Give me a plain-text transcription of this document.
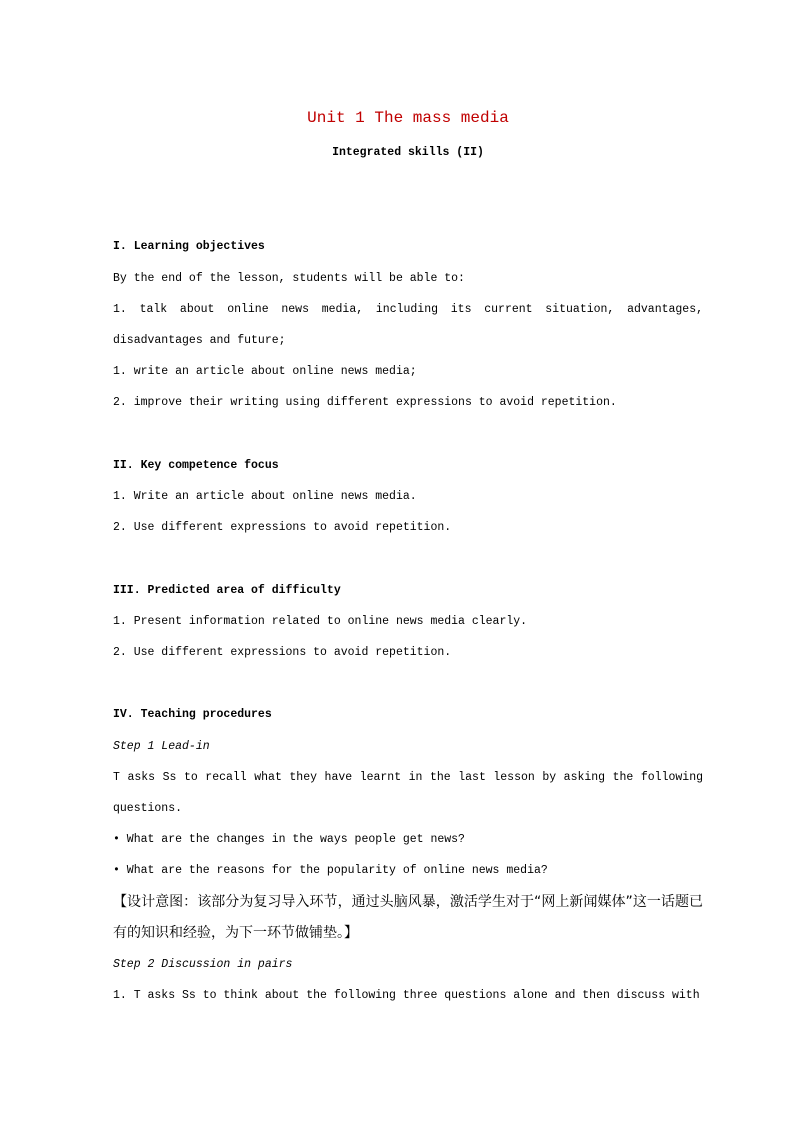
Unit 1 The mass media
Integrated skills (II)
I. Learning objectives
By the end of the lesson, students will be able to:
1. talk about online news media, including its current situation, advantages, disadvantages and future;
1. write an article about online news media;
2. improve their writing using different expressions to avoid repetition.
II. Key competence focus
1. Write an article about online news media.
2. Use different expressions to avoid repetition.
III. Predicted area of difficulty
1. Present information related to online news media clearly.
2. Use different expressions to avoid repetition.
IV. Teaching procedures
Step 1 Lead-in
T asks Ss to recall what they have learnt in the last lesson by asking the following questions.
• What are the changes in the ways people get news?
• What are the reasons for the popularity of online news media?
【设计意图：该部分为复习导入环节，通过头脑风暴，激活学生对于“网上新闻媒体”这一话题已有的知识和经验，为下一环节做铺垫。】
Step 2 Discussion in pairs
1. T asks Ss to think about the following three questions alone and then discuss with
